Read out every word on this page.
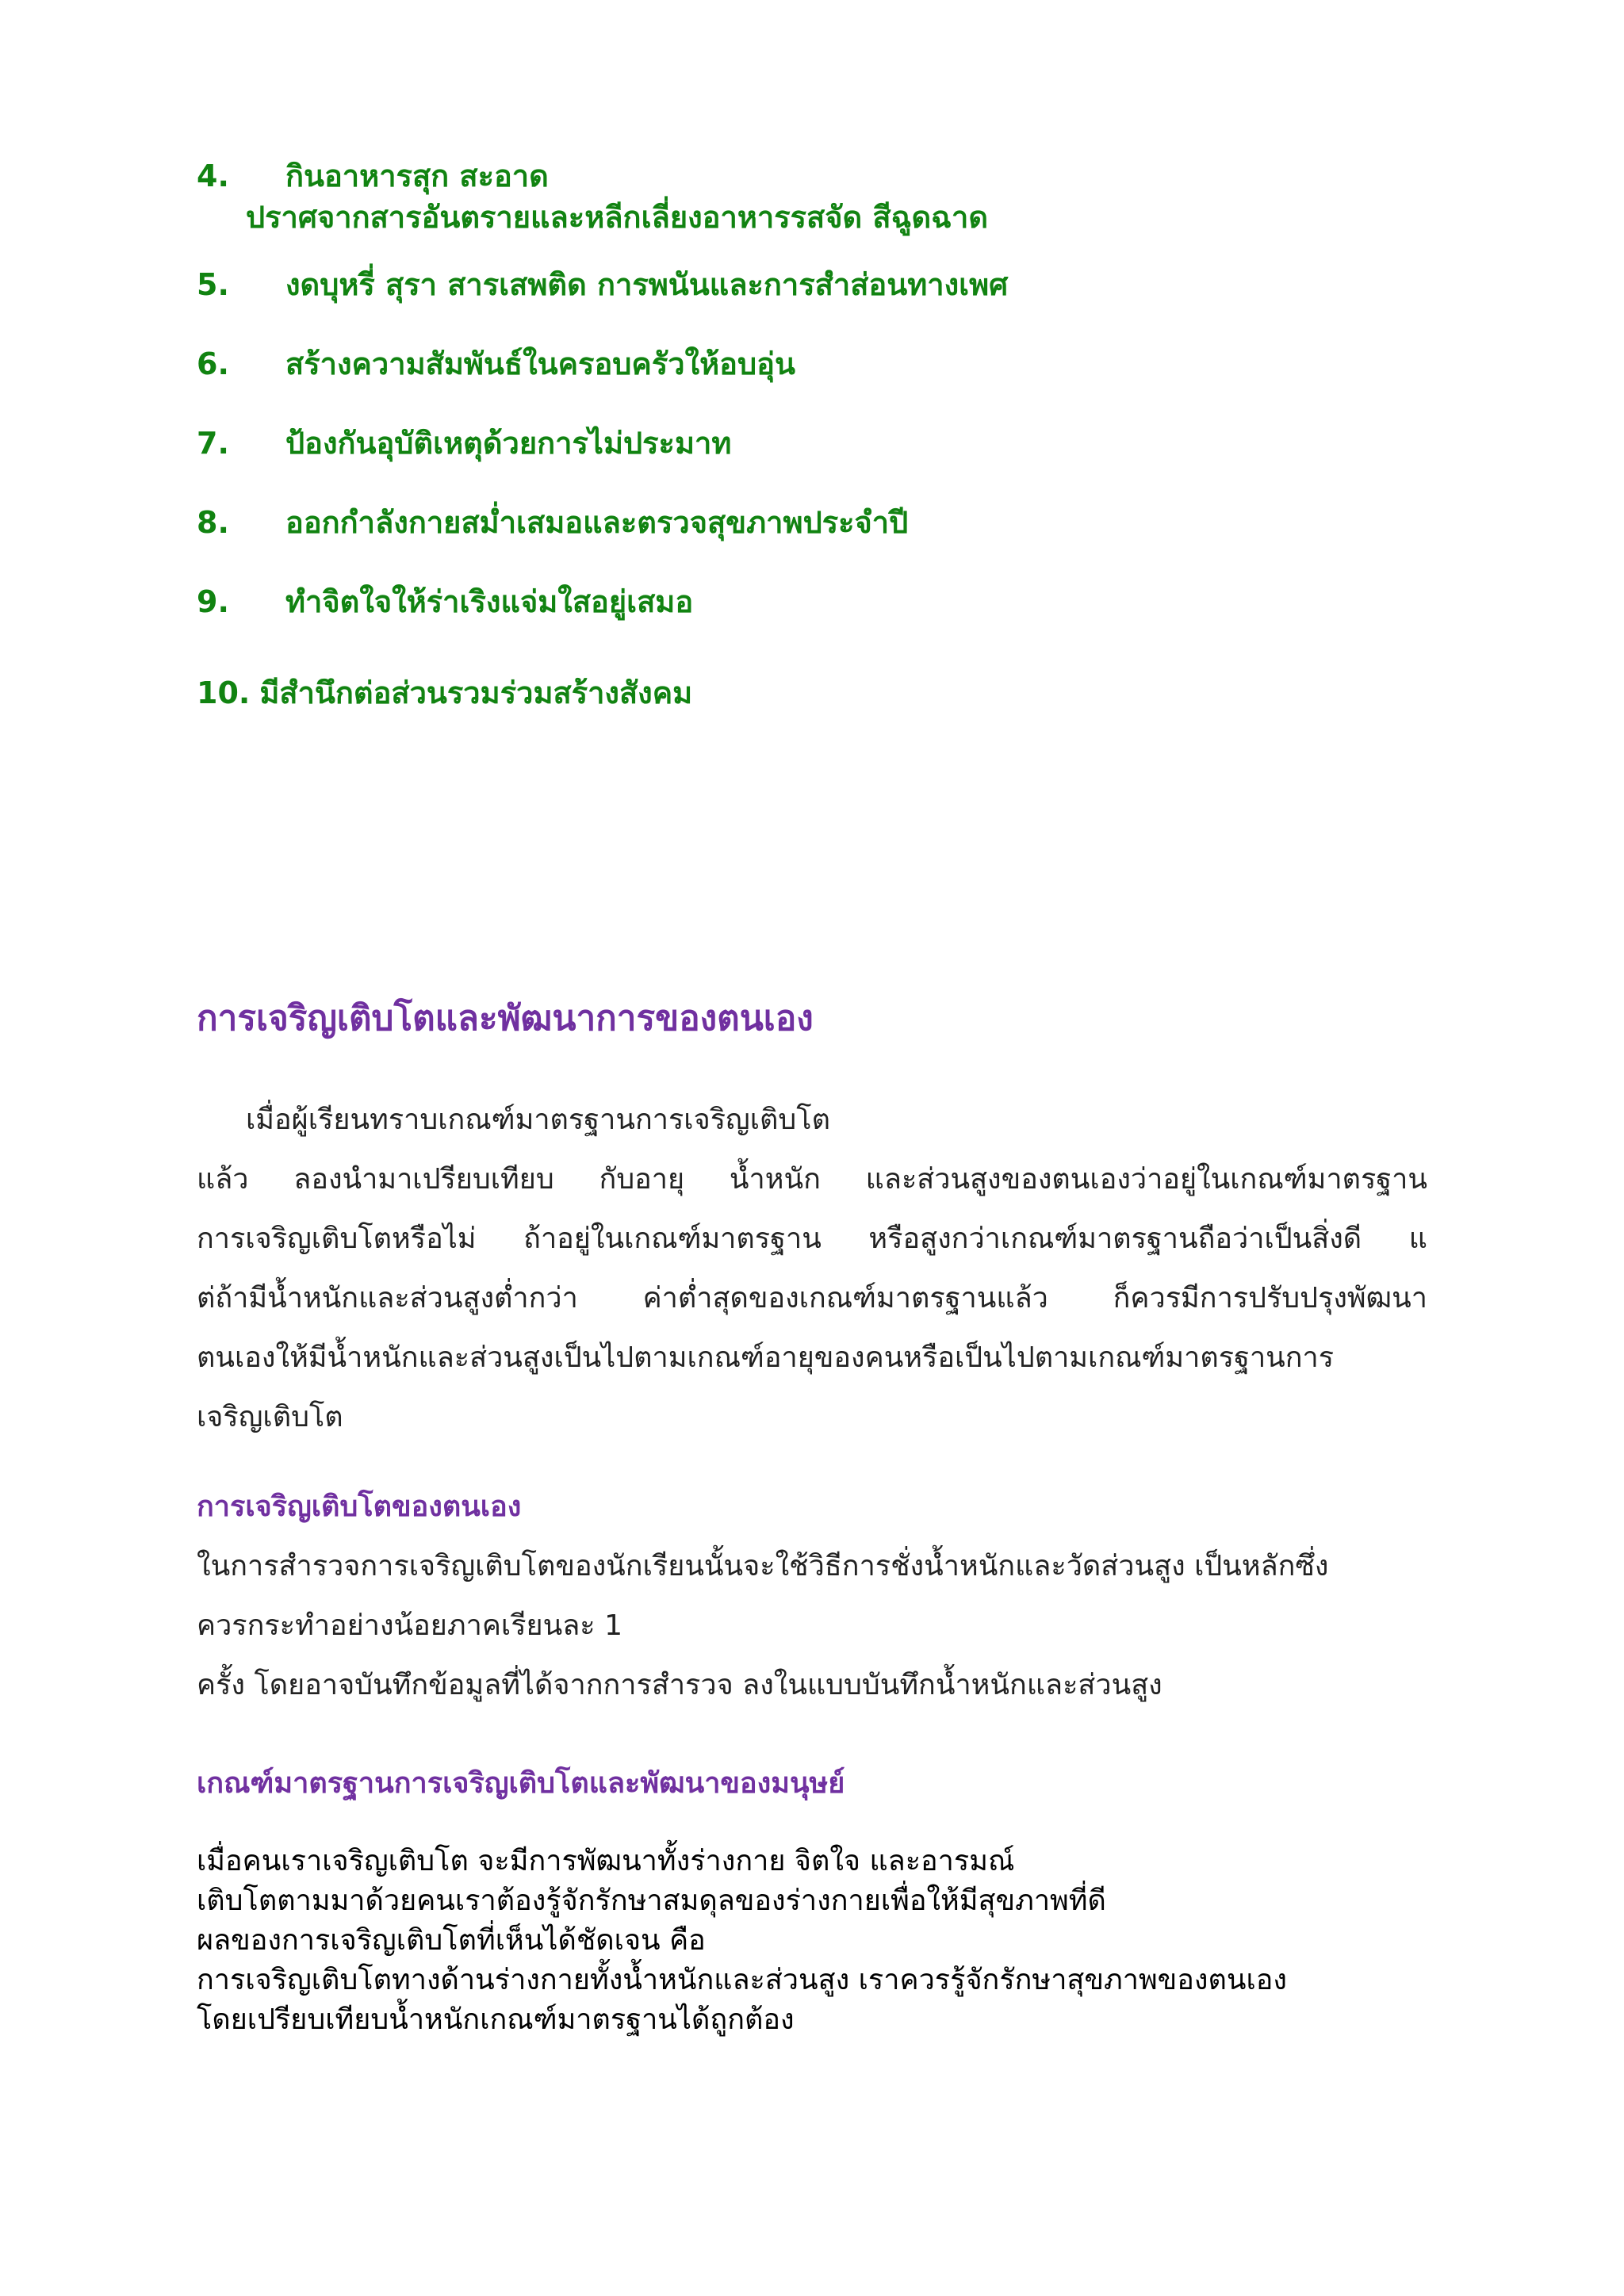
4. กินอาหารสุก สะอาด
ปราศจากสารอันตรายและหลีกเลี่ยงอาหารรสจัด สีฉูดฉาด
5. งดบุหรี่ สุรา สารเสพติด การพนันและการสำส่อนทางเพศ
6. สร้างความสัมพันธ์ในครอบครัวให้อบอุ่น
7. ป้องกันอุบัติเหตุด้วยการไม่ประมาท
8. ออกกำลังกายสม่ำเสมอและตรวจสุขภาพประจำปี
9. ทำจิตใจให้ร่าเริงแจ่มใสอยู่เสมอ
10. มีสำนึกต่อส่วนรวมร่วมสร้างสังคม
การเจริญเติบโตและพัฒนาการของตนเอง
เมื่อผู้เรียนทราบเกณฑ์มาตรฐานการเจริญเติบโต
แล้ว ลองนำมาเปรียบเทียบ กับอายุ น้ำหนัก และส่วนสูงของตนเองว่าอยู่ในเกณฑ์มาตรฐาน
การเจริญเติบโตหรือไม่ ถ้าอยู่ในเกณฑ์มาตรฐาน หรือสูงกว่าเกณฑ์มาตรฐานถือว่าเป็นสิ่งดี แ
ต่ถ้ามีน้ำหนักและส่วนสูงต่ำกว่า ค่าต่ำสุดของเกณฑ์มาตรฐานแล้ว ก็ควรมีการปรับปรุงพัฒนา
ตนเองให้มีน้ำหนักและส่วนสูงเป็นไปตามเกณฑ์อายุของคนหรือเป็นไปตามเกณฑ์มาตรฐานการ
เจริญเติบโต
การเจริญเติบโตของตนเอง
ในการสำรวจการเจริญเติบโตของนักเรียนนั้นจะใช้วิธีการชั่งน้ำหนักและวัดส่วนสูง เป็นหลักซึ่ง
ควรกระทำอย่างน้อยภาคเรียนละ 1
ครั้ง โดยอาจบันทึกข้อมูลที่ได้จากการสำรวจ ลงในแบบบันทึกน้ำหนักและส่วนสูง
เกณฑ์มาตรฐานการเจริญเติบโตและพัฒนาของมนุษย์
เมื่อคนเราเจริญเติบโต จะมีการพัฒนาทั้งร่างกาย จิตใจ และอารมณ์
เติบโตตามมาด้วยคนเราต้องรู้จักรักษาสมดุลของร่างกายเพื่อให้มีสุขภาพที่ดี
ผลของการเจริญเติบโตที่เห็นได้ชัดเจน คือ
การเจริญเติบโตทางด้านร่างกายทั้งน้ำหนักและส่วนสูง เราควรรู้จักรักษาสุขภาพของตนเอง
โดยเปรียบเทียบน้ำหนักเกณฑ์มาตรฐานได้ถูกต้อง
